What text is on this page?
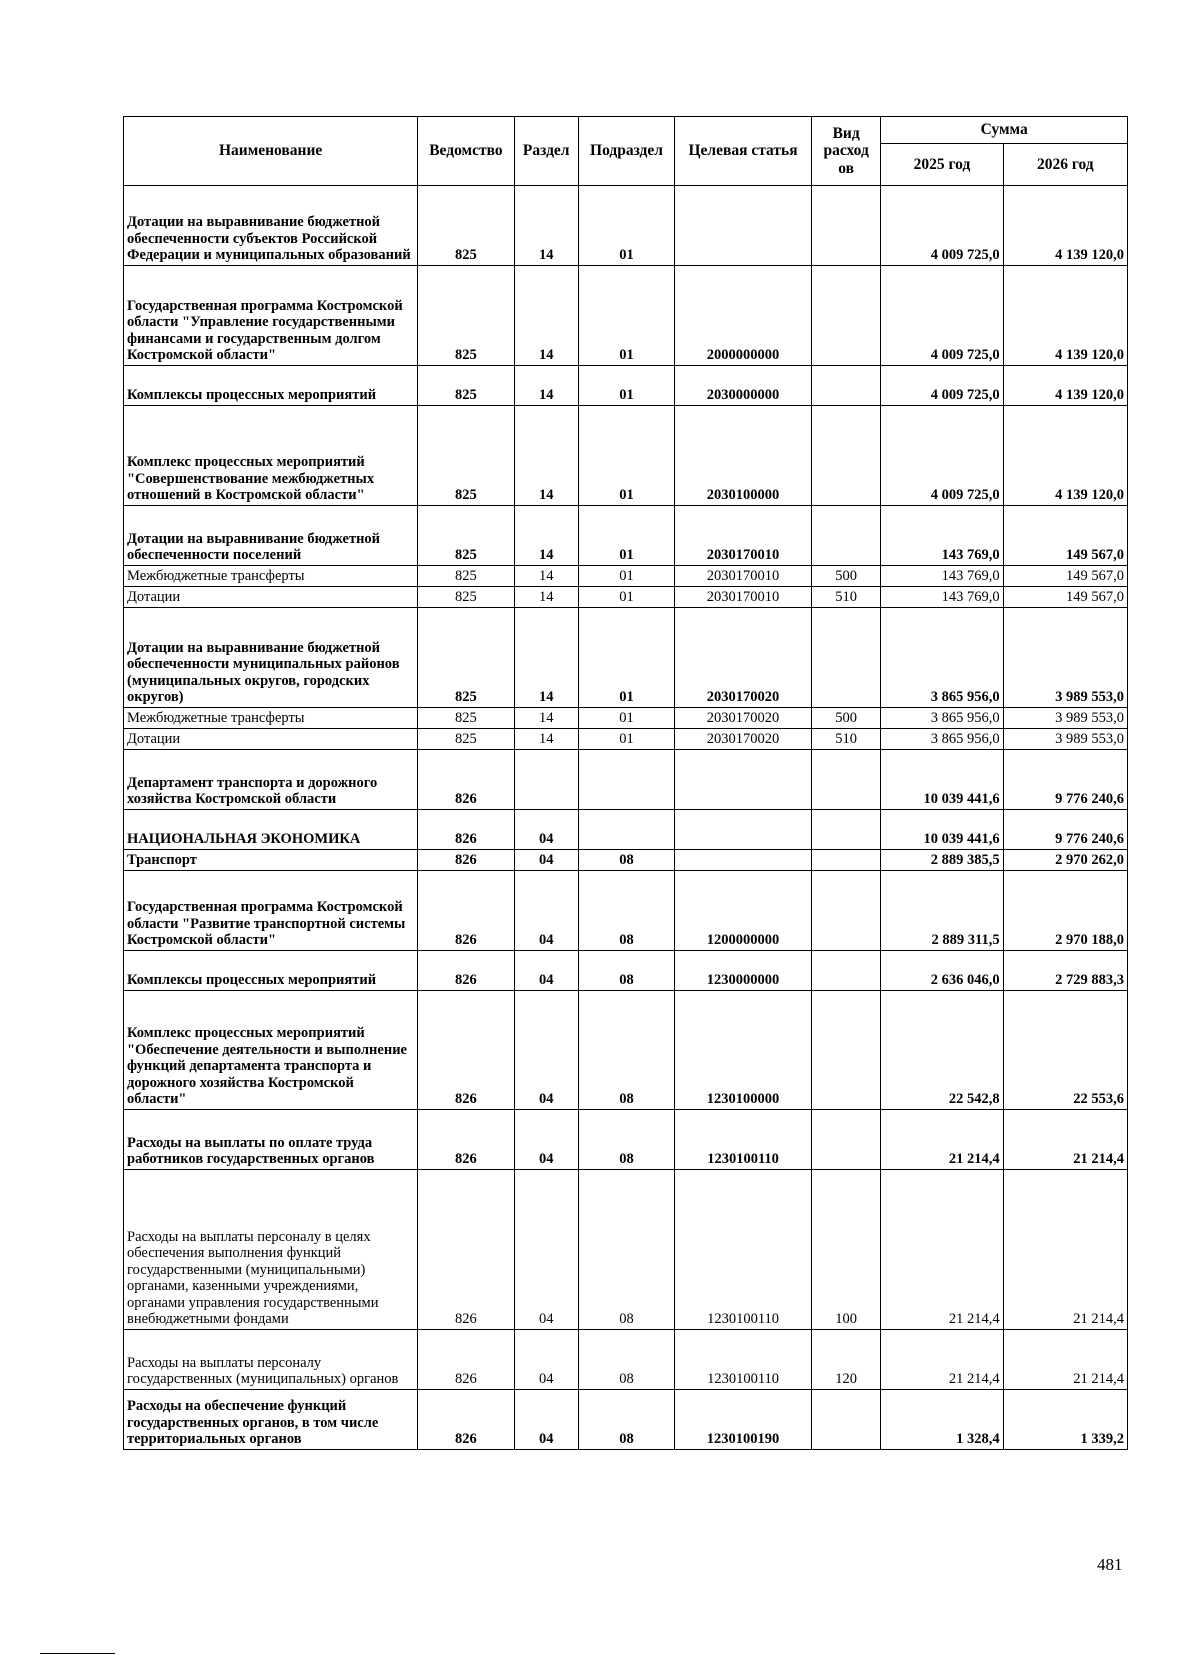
Наименование	Ведомство	Раздел	Подраздел	Целевая статья	Вид расход ов	Сумма	
						2025 год	2026 год
Дотации на выравнивание бюджетной обеспеченности субъектов Российской Федерации и муниципальных образований	825	14	01			4 009 725,0	4 139 120,0
Государственная программа Костромской области "Управление государственными финансами и государственным долгом Костромской области"	825	14	01	2000000000		4 009 725,0	4 139 120,0
Комплексы процессных мероприятий	825	14	01	2030000000		4 009 725,0	4 139 120,0
Комплекс процессных мероприятий "Совершенствование межбюджетных отношений в Костромской области"	825	14	01	2030100000		4 009 725,0	4 139 120,0
Дотации на выравнивание бюджетной обеспеченности поселений	825	14	01	2030170010		143 769,0	149 567,0
Межбюджетные трансферты	825	14	01	2030170010	500	143 769,0	149 567,0
Дотации	825	14	01	2030170010	510	143 769,0	149 567,0
Дотации на выравнивание бюджетной обеспеченности муниципальных районов (муниципальных округов, городских округов)	825	14	01	2030170020		3 865 956,0	3 989 553,0
Межбюджетные трансферты	825	14	01	2030170020	500	3 865 956,0	3 989 553,0
Дотации	825	14	01	2030170020	510	3 865 956,0	3 989 553,0
Департамент транспорта и дорожного хозяйства Костромской области	826					10 039 441,6	9 776 240,6
НАЦИОНАЛЬНАЯ ЭКОНОМИКА	826	04				10 039 441,6	9 776 240,6
Транспорт	826	04	08			2 889 385,5	2 970 262,0
Государственная программа Костромской области "Развитие транспортной системы Костромской области"	826	04	08	1200000000		2 889 311,5	2 970 188,0
Комплексы процессных мероприятий	826	04	08	1230000000		2 636 046,0	2 729 883,3
Комплекс процессных мероприятий "Обеспечение деятельности и выполнение функций департамента транспорта и дорожного хозяйства Костромской области"	826	04	08	1230100000		22 542,8	22 553,6
Расходы на выплаты по оплате труда работников государственных органов	826	04	08	1230100110		21 214,4	21 214,4
Расходы на выплаты персоналу в целях обеспечения выполнения функций государственными (муниципальными) органами, казенными учреждениями, органами управления государственными внебюджетными фондами	826	04	08	1230100110	100	21 214,4	21 214,4
Расходы на выплаты персоналу государственных (муниципальных) органов	826	04	08	1230100110	120	21 214,4	21 214,4
Расходы на обеспечение функций государственных органов, в том числе территориальных органов	826	04	08	1230100190		1 328,4	1 339,2
481
